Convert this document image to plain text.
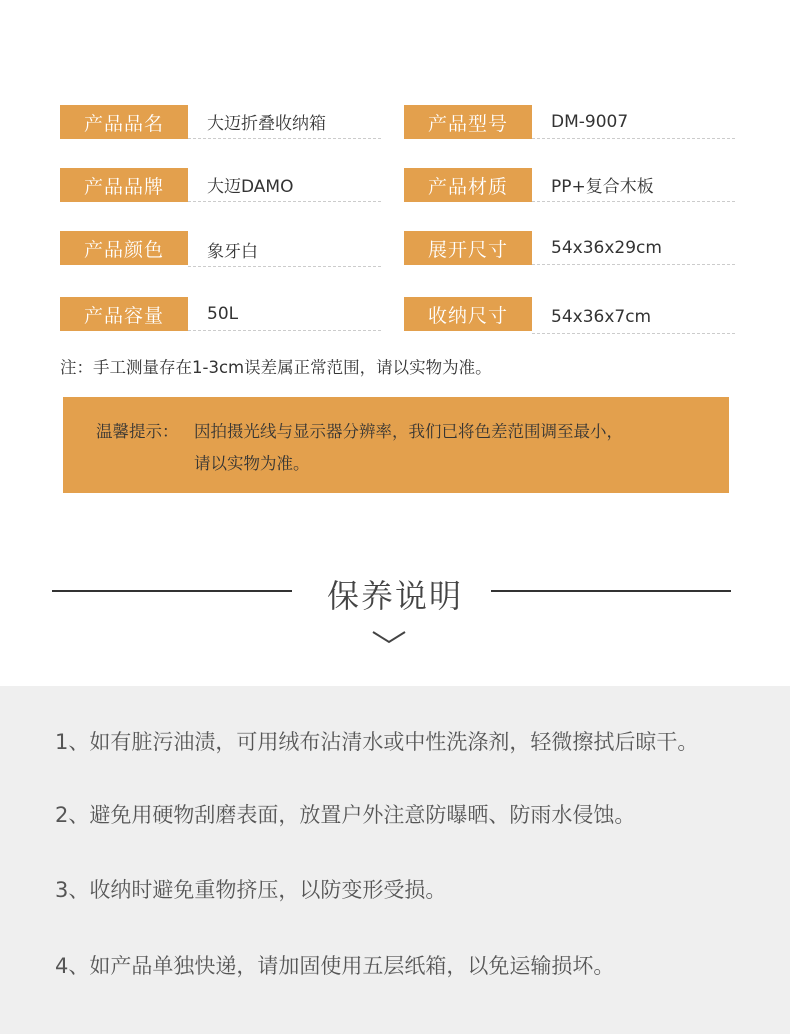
产品品名	大迈折叠收纳箱	产品型号	DM-9007
产品品牌	大迈DAMO	产品材质	PP+复合木板
产品颜色	象牙白	展开尺寸	54x36x29cm
产品容量	50L	收纳尺寸	54x36x7cm
注：手工测量存在1-3cm误差属正常范围，请以实物为准。
温馨提示： 因拍摄光线与显示器分辨率，我们已将色差范围调至最小，
请以实物为准。
保养说明
1、如有脏污油渍，可用绒布沾清水或中性洗涤剂，轻微擦拭后晾干。
2、避免用硬物刮磨表面，放置户外注意防曝晒、防雨水侵蚀。
3、收纳时避免重物挤压，以防变形受损。
4、如产品单独快递，请加固使用五层纸箱，以免运输损坏。
